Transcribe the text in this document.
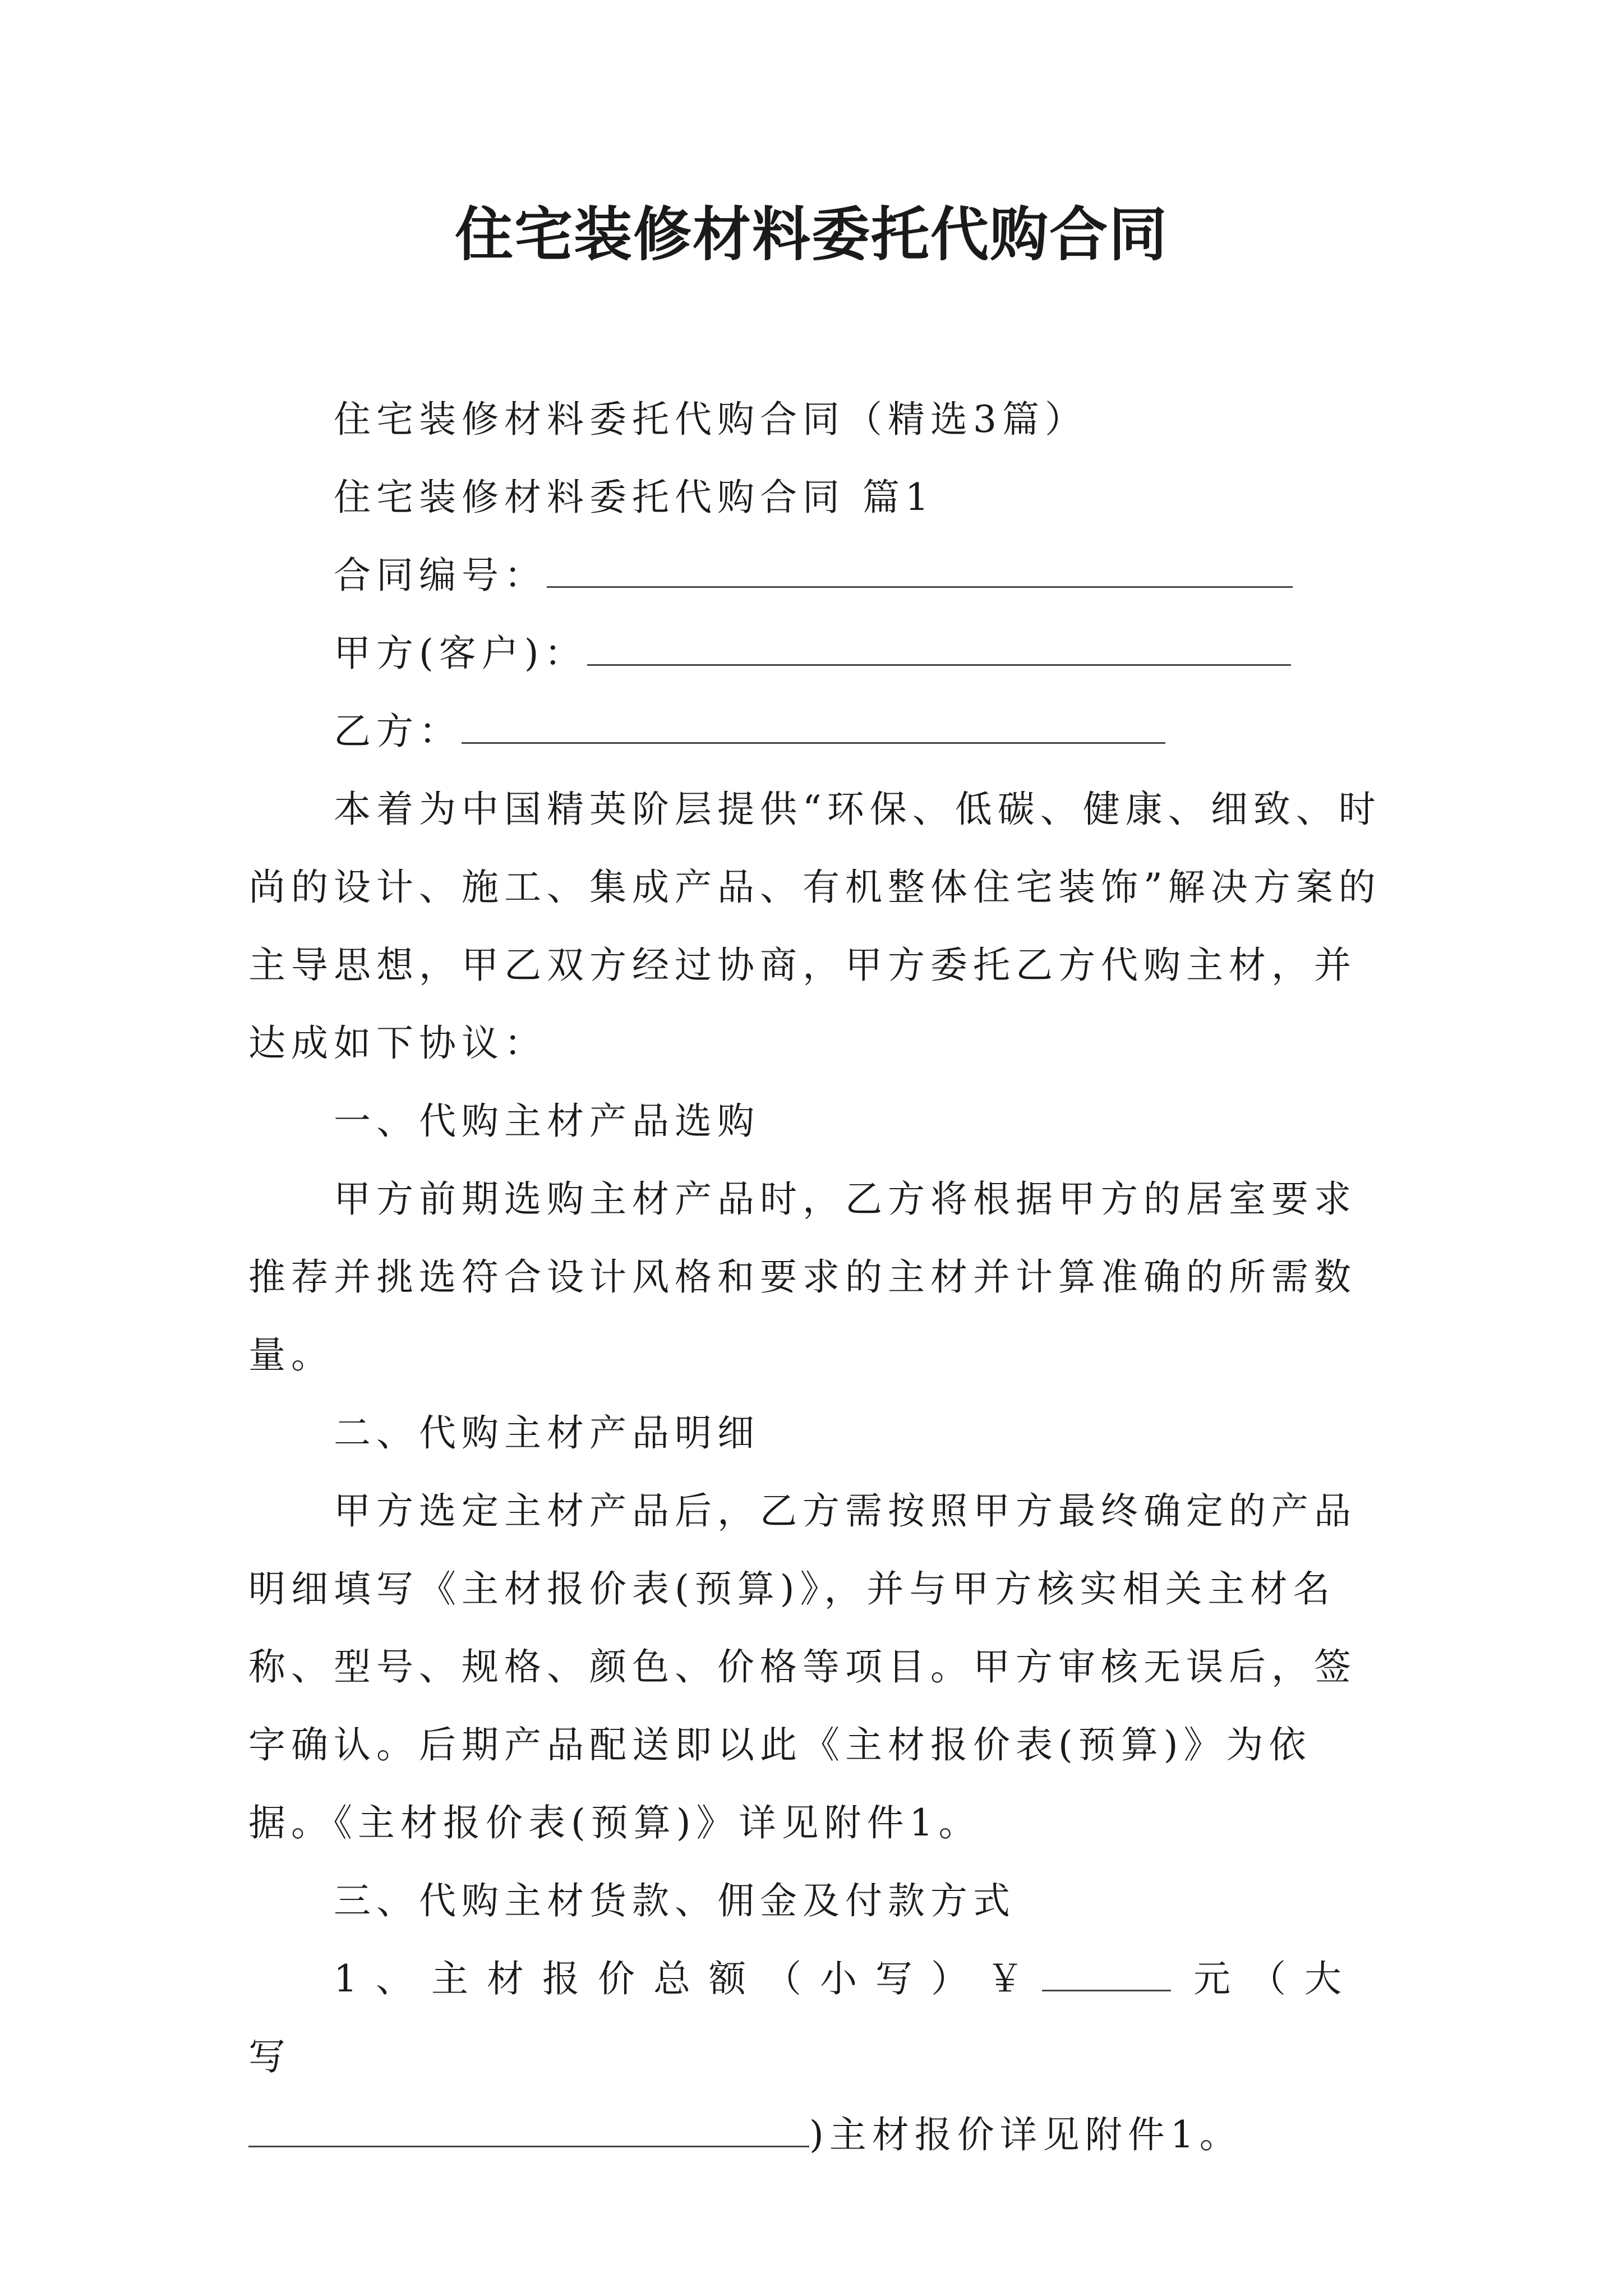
住宅装修材料委托代购合同

住宅装修材料委托代购合同（精选3篇）

住宅装修材料委托代购合同 篇1

合同编号：

甲方(客户)：

乙方：

本着为中国精英阶层提供“环保、低碳、健康、细致、时尚的设计、施工、集成产品、有机整体住宅装饰”解决方案的主导思想，甲乙双方经过协商，甲方委托乙方代购主材，并达成如下协议：

一、代购主材产品选购

甲方前期选购主材产品时，乙方将根据甲方的居室要求推荐并挑选符合设计风格和要求的主材并计算准确的所需数量。

二、代购主材产品明细

甲方选定主材产品后，乙方需按照甲方最终确定的产品明细填写《主材报价表(预算)》，并与甲方核实相关主材名称、型号、规格、颜色、价格等项目。甲方审核无误后，签字确认。后期产品配送即以此《主材报价表(预算)》为依据。《主材报价表(预算)》详见附件1。

三、代购主材货款、佣金及付款方式

1、主材报价总额（小写）￥	元（大写

)主材报价详见附件1。
